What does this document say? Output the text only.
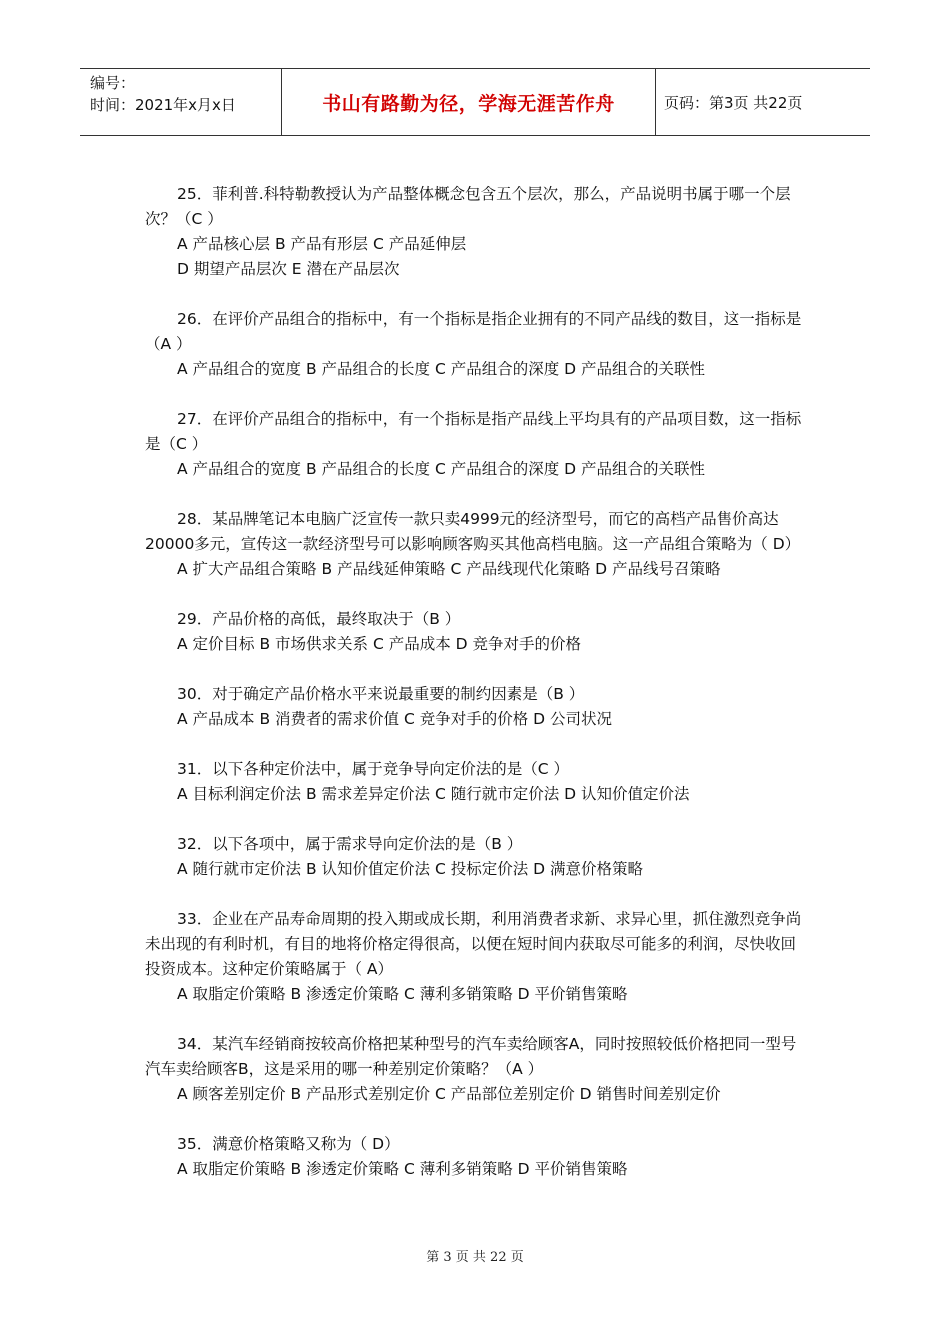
编号：
时间：2021年x月x日	书山有路勤为径，学海无涯苦作舟	页码：第3页 共22页

25．菲利普.科特勒教授认为产品整体概念包含五个层次，那么，产品说明书属于哪一个层次？（C ）

A 产品核心层 B 产品有形层 C 产品延伸层

D 期望产品层次 E 潜在产品层次

26．在评价产品组合的指标中，有一个指标是指企业拥有的不同产品线的数目，这一指标是（A ）

A 产品组合的宽度 B 产品组合的长度 C 产品组合的深度 D 产品组合的关联性

27．在评价产品组合的指标中，有一个指标是指产品线上平均具有的产品项目数，这一指标是（C ）

A 产品组合的宽度 B 产品组合的长度 C 产品组合的深度 D 产品组合的关联性

28．某品牌笔记本电脑广泛宣传一款只卖4999元的经济型号，而它的高档产品售价高达20000多元，宣传这一款经济型号可以影响顾客购买其他高档电脑。这一产品组合策略为（ D）

A 扩大产品组合策略 B 产品线延伸策略 C 产品线现代化策略 D 产品线号召策略

29．产品价格的高低，最终取决于（B ）

A 定价目标 B 市场供求关系 C 产品成本 D 竞争对手的价格

30．对于确定产品价格水平来说最重要的制约因素是（B ）

A 产品成本 B 消费者的需求价值 C 竞争对手的价格 D 公司状况

31．以下各种定价法中，属于竞争导向定价法的是（C ）

A 目标利润定价法 B 需求差异定价法 C 随行就市定价法 D 认知价值定价法

32．以下各项中，属于需求导向定价法的是（B ）

A 随行就市定价法 B 认知价值定价法 C 投标定价法 D 满意价格策略

33．企业在产品寿命周期的投入期或成长期，利用消费者求新、求异心里，抓住激烈竞争尚未出现的有利时机，有目的地将价格定得很高，以便在短时间内获取尽可能多的利润，尽快收回投资成本。这种定价策略属于（ A）

A 取脂定价策略 B 渗透定价策略 C 薄利多销策略 D 平价销售策略

34．某汽车经销商按较高价格把某种型号的汽车卖给顾客A，同时按照较低价格把同一型号汽车卖给顾客B，这是采用的哪一种差别定价策略？（A ）

A 顾客差别定价 B 产品形式差别定价 C 产品部位差别定价 D 销售时间差别定价

35．满意价格策略又称为（ D）

A 取脂定价策略 B 渗透定价策略 C 薄利多销策略 D 平价销售策略

第 3 页 共 22 页
